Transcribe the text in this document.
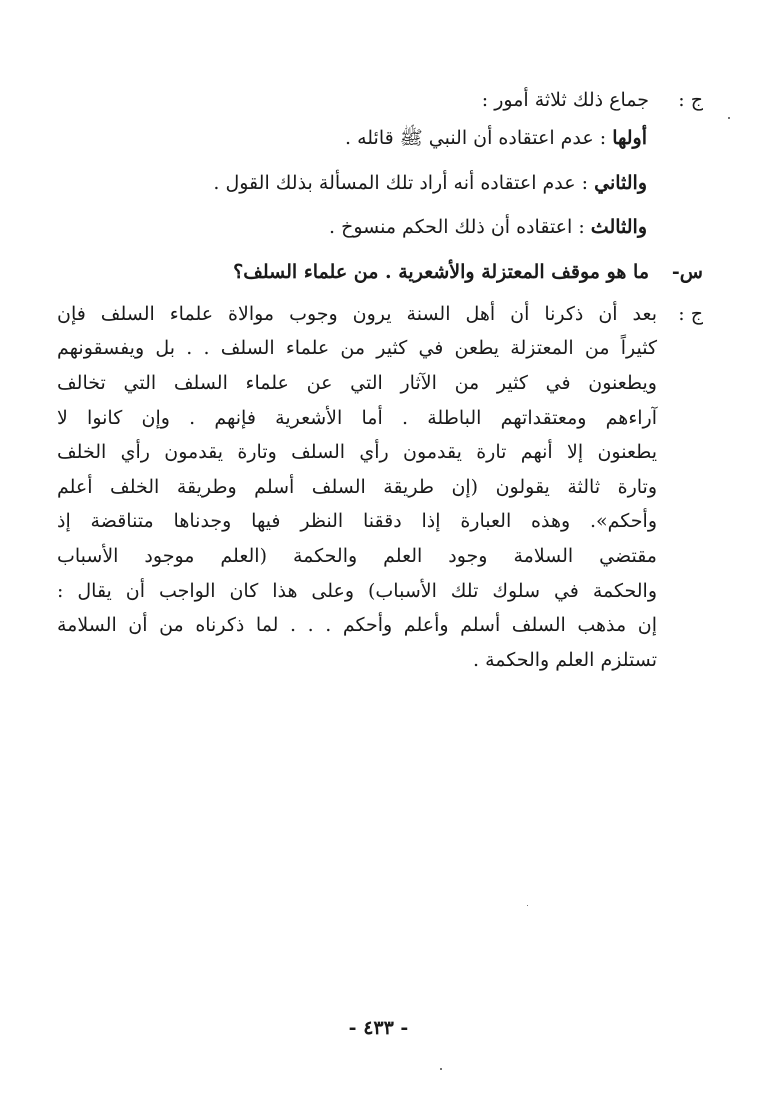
ج :
جماع ذلك ثلاثة أمور :
أولها : عدم اعتقاده أن النبي ﷺ قائله .
والثاني : عدم اعتقاده أنه أراد تلك المسألة بذلك القول .
والثالث : اعتقاده أن ذلك الحكم منسوخ .
س-
ما هو موقف المعتزلة والأشعرية . من علماء السلف؟
ج :
بعد أن ذكرنا أن أهل السنة يرون وجوب موالاة علماء السلف فإن
كثيراً من المعتزلة يطعن في كثير من علماء السلف . . بل ويفسقونهم
ويطعنون في كثير من الآثار التي عن علماء السلف التي تخالف
آراءهم ومعتقداتهم الباطلة . أما الأشعرية فإنهم . وإن كانوا لا
يطعنون إلا أنهم تارة يقدمون رأي السلف وتارة يقدمون رأي الخلف
وتارة ثالثة يقولون (إن طريقة السلف أسلم وطريقة الخلف أعلم
وأحكم». وهذه العبارة إذا دققنا النظر فيها وجدناها متناقضة إذ
مقتضي السلامة وجود العلم والحكمة (العلم موجود الأسباب
والحكمة في سلوك تلك الأسباب) وعلى هذا كان الواجب أن يقال :
إن مذهب السلف أسلم وأعلم وأحكم . . . لما ذكرناه من أن السلامة
تستلزم العلم والحكمة .
- ٤٣٣ -
